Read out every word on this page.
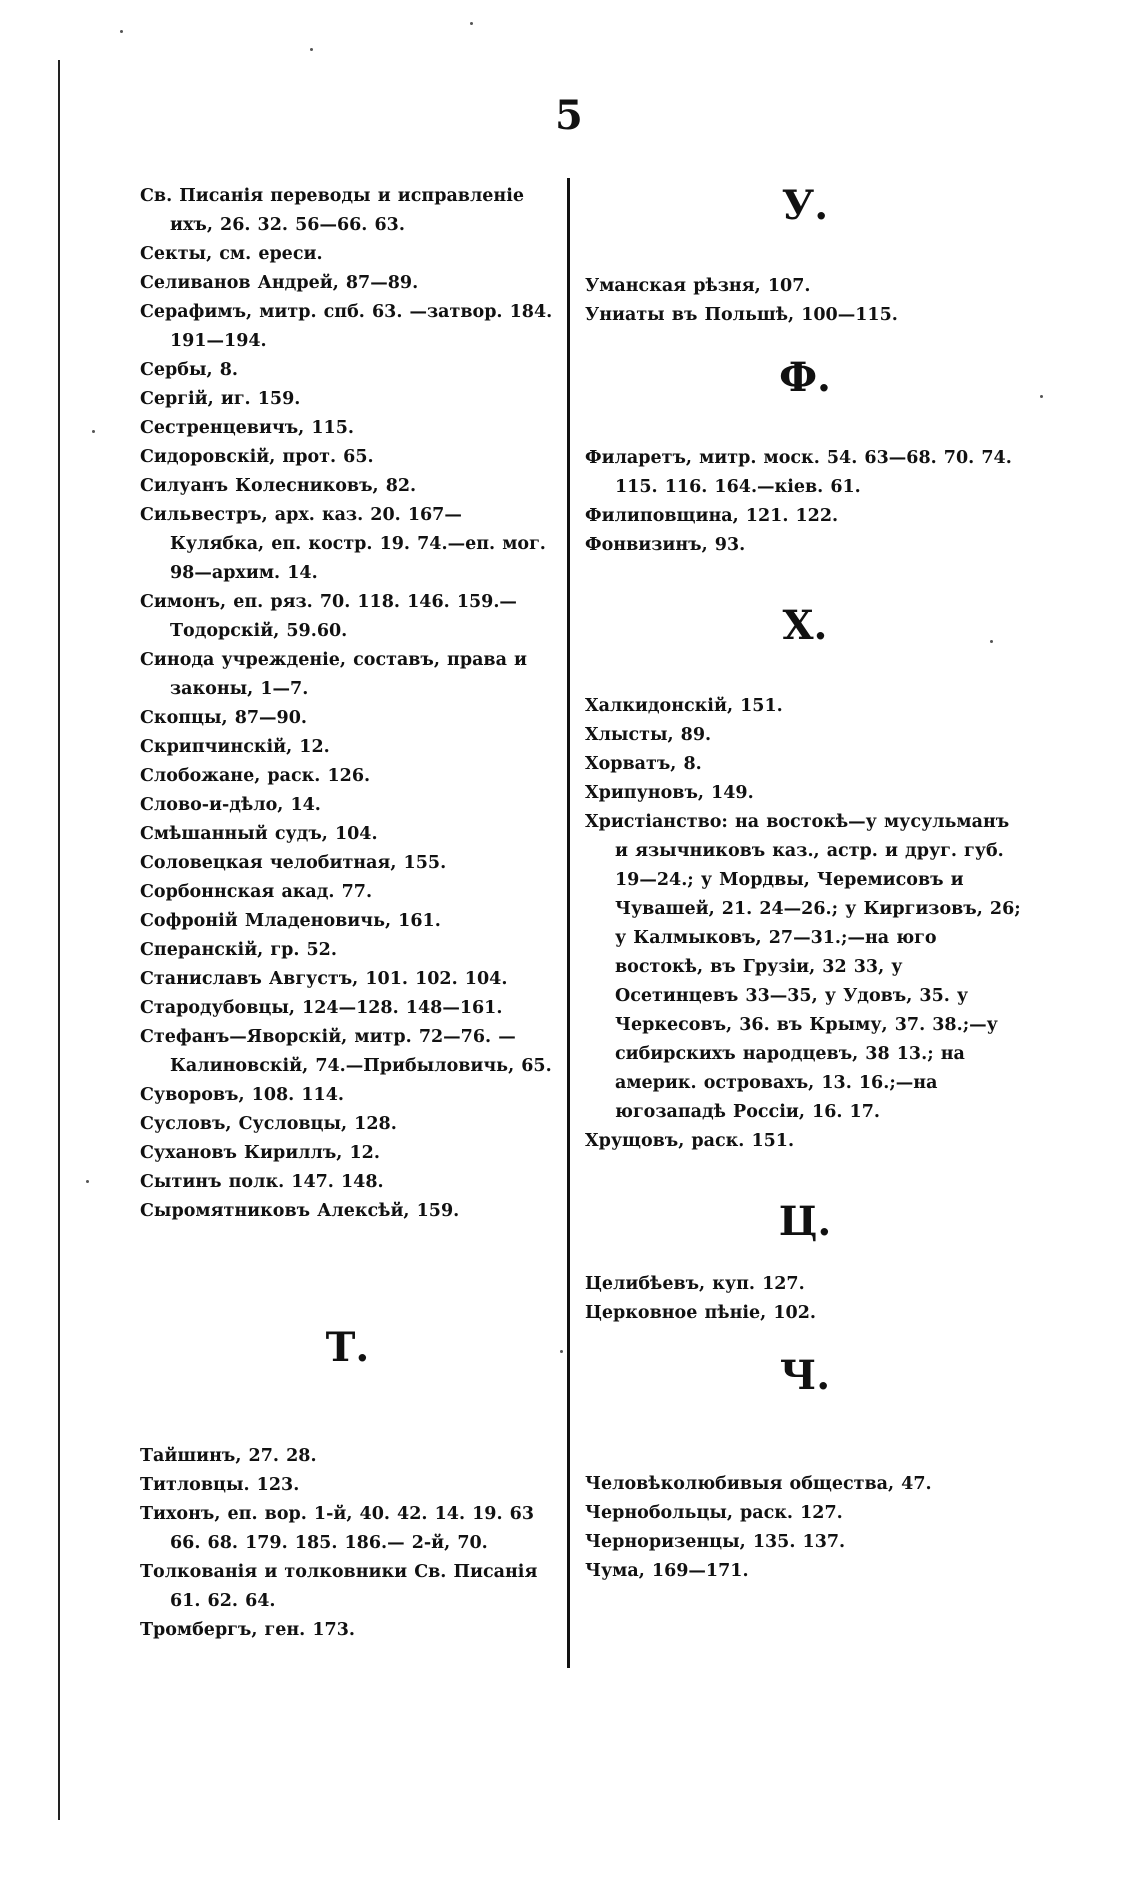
5

Св. Писанія переводы и исправленіе ихъ, 26. 32. 56—66. 63.

Секты, см. ереси.

Селиванов Андрей, 87—89.

Серафимъ, митр. спб. 63. —затвор. 184. 191—194.

Сербы, 8.

Сергій, иг. 159.

Сестренцевичъ, 115.

Сидоровскій, прот. 65.

Силуанъ Колесниковъ, 82.

Сильвестръ, арх. каз. 20. 167— Кулябка, еп. костр. 19. 74.—еп. мог. 98—архим. 14.

Симонъ, еп. ряз. 70. 118. 146. 159.—Тодорскій, 59.60.

Синода учрежденіе, составъ, права и законы, 1—7.

Скопцы, 87—90.

Скрипчинскій, 12.

Слобожане, раск. 126.

Слово-и-дѣло, 14.

Смѣшанный судъ, 104.

Соловецкая челобитная, 155.

Сорбоннская акад. 77.

Софроній Младеновичь, 161.

Сперанскій, гр. 52.

Станиславъ Августъ, 101. 102. 104.

Стародубовцы, 124—128. 148—161.

Стефанъ—Яворскій, митр. 72—76. —Калиновскій, 74.—Прибыловичь, 65.

Суворовъ, 108. 114.

Сусловъ, Сусловцы, 128.

Сухановъ Кириллъ, 12.

Сытинъ полк. 147. 148.

Сыромятниковъ Алексѣй, 159.

Т.

Тайшинъ, 27. 28.

Титловцы. 123.

Тихонъ, еп. вор. 1-й, 40. 42. 14. 19. 63 66. 68. 179. 185. 186.— 2-й, 70.

Толкованія и толковники Св. Писанія 61. 62. 64.

Тромбергъ, ген. 173.

У.

Уманская рѣзня, 107.

Униаты въ Польшѣ, 100—115.

Ф.

Филаретъ, митр. моск. 54. 63—68. 70. 74. 115. 116. 164.—кiев. 61.

Филиповщина, 121. 122.

Фонвизинъ, 93.

Х.

Халкидонскій, 151.

Хлысты, 89.

Хорватъ, 8.

Хрипуновъ, 149.

Христіанство: на востокѣ—у мусульманъ и язычниковъ каз., астр. и друг. губ. 19—24.; у Мордвы, Черемисовъ и Чувашей, 21. 24—26.; у Киргизовъ, 26; у Калмыковъ, 27—31.;—на юго востокѣ, въ Грузіи, 32 33, у Осетинцевъ 33—35, у Удовъ, 35. у Черкесовъ, 36. въ Крыму, 37. 38.;—у сибирскихъ народцевъ, 38 13.; на америк. островахъ, 13. 16.;—на югозападѣ Россіи, 16. 17.

Хрущовъ, раск. 151.

Ц.

Целибѣевъ, куп. 127.

Церковное пѣніе, 102.

Ч.

Человѣколюбивыя общества, 47.

Чернобольцы, раск. 127.

Черноризенцы, 135. 137.

Чума, 169—171.
